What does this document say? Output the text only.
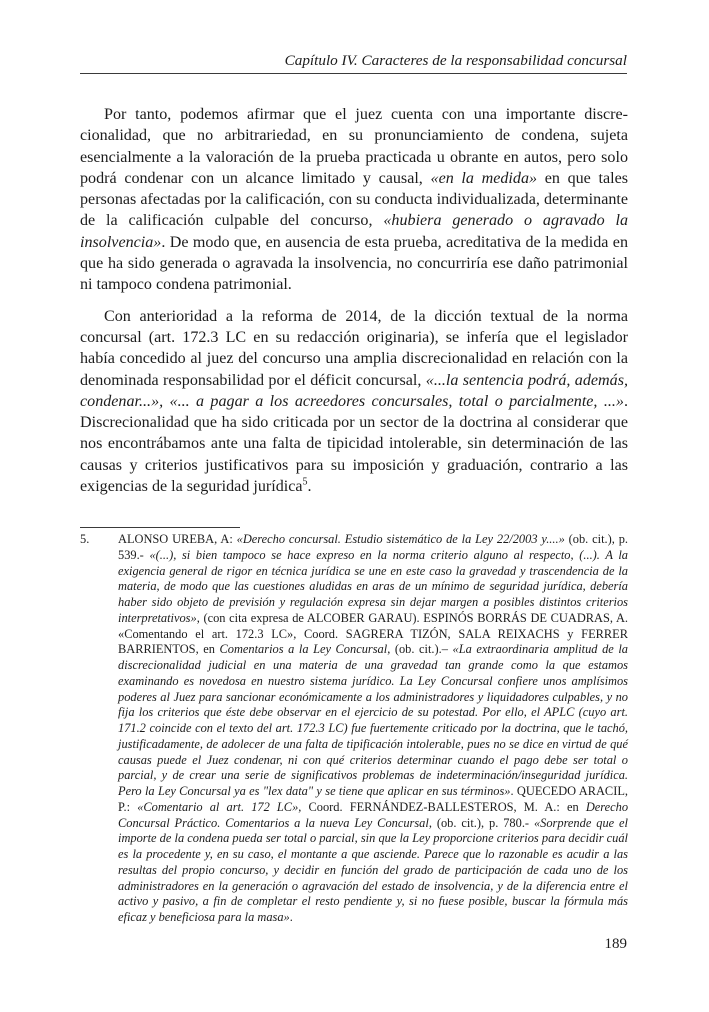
Capítulo IV. Caracteres de la responsabilidad concursal

Por tanto, podemos afirmar que el juez cuenta con una importante discrecionalidad, que no arbitrariedad, en su pronunciamiento de condena, sujeta esencialmente a la valoración de la prueba practicada u obrante en autos, pero solo podrá condenar con un alcance limitado y causal, «en la medida» en que tales personas afectadas por la calificación, con su conducta individualizada, determinante de la calificación culpable del concurso, «hubiera generado o agravado la insolvencia». De modo que, en ausencia de esta prueba, acreditativa de la medida en que ha sido generada o agravada la insolvencia, no concurriría ese daño patrimonial ni tampoco condena patrimonial.

Con anterioridad a la reforma de 2014, de la dicción textual de la norma concursal (art. 172.3 LC en su redacción originaria), se infería que el legislador había concedido al juez del concurso una amplia discrecionalidad en relación con la denominada responsabilidad por el déficit concursal, «...la sentencia podrá, además, condenar...», «... a pagar a los acreedores concursales, total o parcialmente, ...». Discrecionalidad que ha sido criticada por un sector de la doctrina al considerar que nos encontrábamos ante una falta de tipicidad intolerable, sin determinación de las causas y criterios justificativos para su imposición y graduación, contrario a las exigencias de la seguridad jurídica$^5$.

5. ALONSO UREBA, A: «Derecho concursal. Estudio sistemático de la Ley 22/2003 y....» (ob. cit.), p. 539.- «(...), si bien tampoco se hace expreso en la norma criterio alguno al respecto, (...). A la exigencia general de rigor en técnica jurídica se une en este caso la gravedad y trascendencia de la materia, de modo que las cuestiones aludidas en aras de un mínimo de seguridad jurídica, debería haber sido objeto de previsión y regulación expresa sin dejar margen a posibles distintos criterios interpretativos», (con cita expresa de ALCOBER GARAU). ESPINÓS BORRÁS DE CUADRAS, A. «Comentando el art. 172.3 LC», Coord. SAGRERA TIZÓN, SALA REIXACHS y FERRER BARRIENTOS, en Comentarios a la Ley Concursal, (ob. cit.).– «La extraordinaria amplitud de la discrecionalidad judicial en una materia de una gravedad tan grande como la que estamos examinando es novedosa en nuestro sistema jurídico. La Ley Concursal confiere unos amplísimos poderes al Juez para sancionar económicamente a los administradores y liquidadores culpables, y no fija los criterios que éste debe observar en el ejercicio de su potestad. Por ello, el APLC (cuyo art. 171.2 coincide con el texto del art. 172.3 LC) fue fuertemente criticado por la doctrina, que le tachó, justificadamente, de adolecer de una falta de tipificación intolerable, pues no se dice en virtud de qué causas puede el Juez condenar, ni con qué criterios determinar cuando el pago debe ser total o parcial, y de crear una serie de significativos problemas de indeterminación/inseguridad jurídica. Pero la Ley Concursal ya es "lex data" y se tiene que aplicar en sus términos». QUECEDO ARACIL, P.: «Comentario al art. 172 LC», Coord. FERNÁNDEZ-BALLESTEROS, M. A.: en Derecho Concursal Práctico. Comentarios a la nueva Ley Concursal, (ob. cit.), p. 780.- «Sorprende que el importe de la condena pueda ser total o parcial, sin que la Ley proporcione criterios para decidir cuál es la procedente y, en su caso, el montante a que asciende. Parece que lo razonable es acudir a las resultas del propio concurso, y decidir en función del grado de participación de cada uno de los administradores en la generación o agravación del estado de insolvencia, y de la diferencia entre el activo y pasivo, a fin de completar el resto pendiente y, si no fuese posible, buscar la fórmula más eficaz y beneficiosa para la masa».
189
